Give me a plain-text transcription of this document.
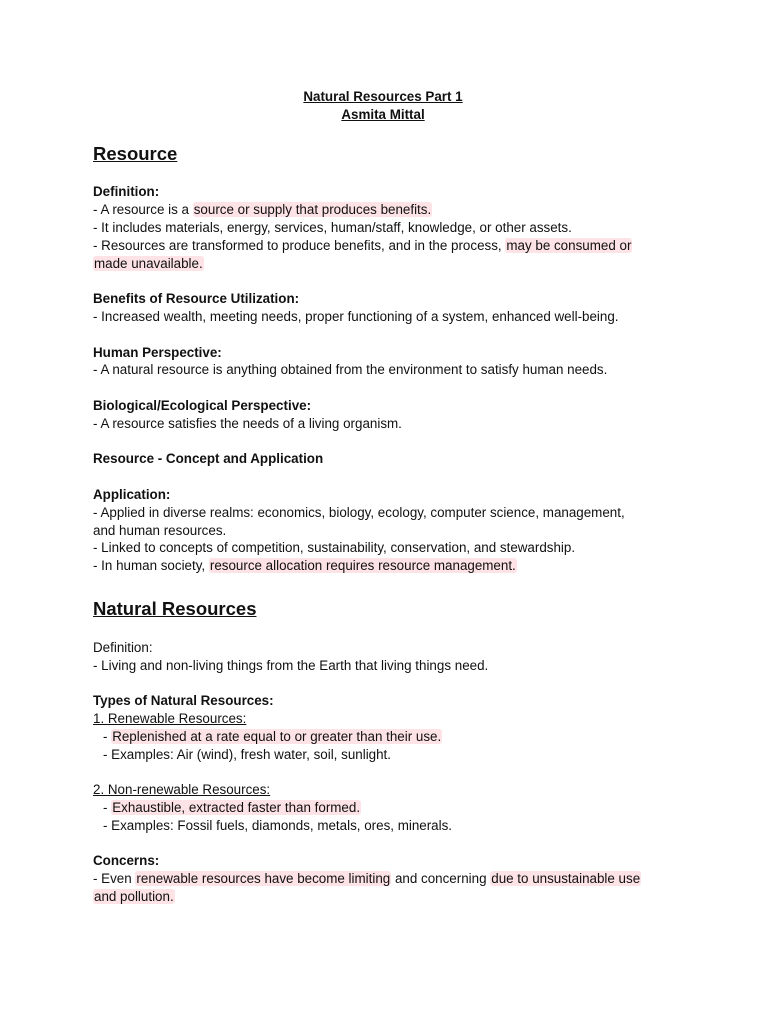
Natural Resources Part 1
Asmita Mittal
Resource
Definition:
- A resource is a source or supply that produces benefits.
- It includes materials, energy, services, human/staff, knowledge, or other assets.
- Resources are transformed to produce benefits, and in the process, may be consumed or
made unavailable.
Benefits of Resource Utilization:
- Increased wealth, meeting needs, proper functioning of a system, enhanced well-being.
Human Perspective:
- A natural resource is anything obtained from the environment to satisfy human needs.
Biological/Ecological Perspective:
- A resource satisfies the needs of a living organism.
Resource - Concept and Application
Application:
- Applied in diverse realms: economics, biology, ecology, computer science, management,
and human resources.
- Linked to concepts of competition, sustainability, conservation, and stewardship.
- In human society, resource allocation requires resource management.
Natural Resources
Definition:
- Living and non-living things from the Earth that living things need.
Types of Natural Resources:
1. Renewable Resources:
- Replenished at a rate equal to or greater than their use.
- Examples: Air (wind), fresh water, soil, sunlight.
2. Non-renewable Resources:
- Exhaustible, extracted faster than formed.
- Examples: Fossil fuels, diamonds, metals, ores, minerals.
Concerns:
- Even renewable resources have become limiting and concerning due to unsustainable use
and pollution.
